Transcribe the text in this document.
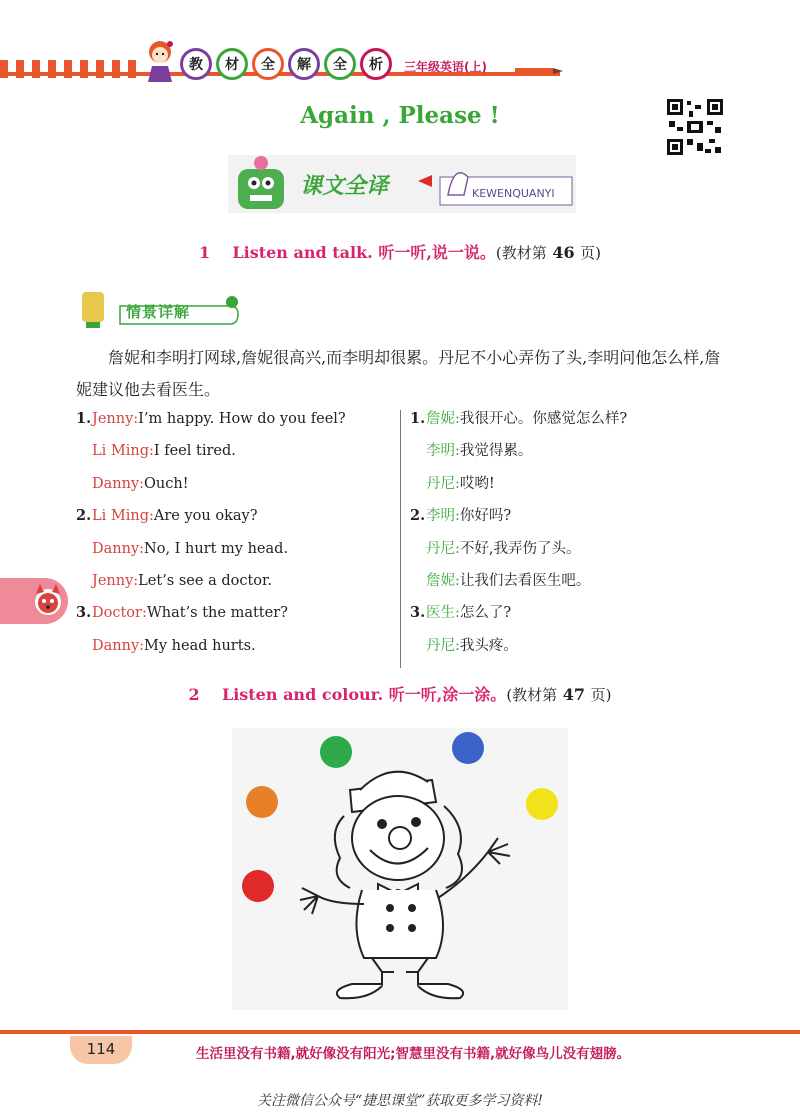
教	材	全	解	全	析	三年级英语(上)
Again , Please !
课文全译	KEWENQUANYI
1 Listen and talk. 听一听,说一说。(教材第 46 页)
情景详解
詹妮和李明打网球,詹妮很高兴,而李明却很累。丹尼不小心弄伤了头,李明问他怎么样,詹妮建议他去看医生。
1.Jenny:I’m happy. How do you feel?
Li Ming:I feel tired.
Danny:Ouch!
2.Li Ming:Are you okay?
Danny:No, I hurt my head.
Jenny:Let’s see a doctor.
3.Doctor:What’s the matter?
Danny:My head hurts.
1.詹妮:我很开心。你感觉怎么样?
李明:我觉得累。
丹尼:哎哟!
2.李明:你好吗?
丹尼:不好,我弄伤了头。
詹妮:让我们去看医生吧。
3.医生:怎么了?
丹尼:我头疼。
2 Listen and colour. 听一听,涂一涂。(教材第 47 页)
114	生活里没有书籍,就好像没有阳光;智慧里没有书籍,就好像鸟儿没有翅膀。
关注微信公众号“捷思课堂”获取更多学习资料!
